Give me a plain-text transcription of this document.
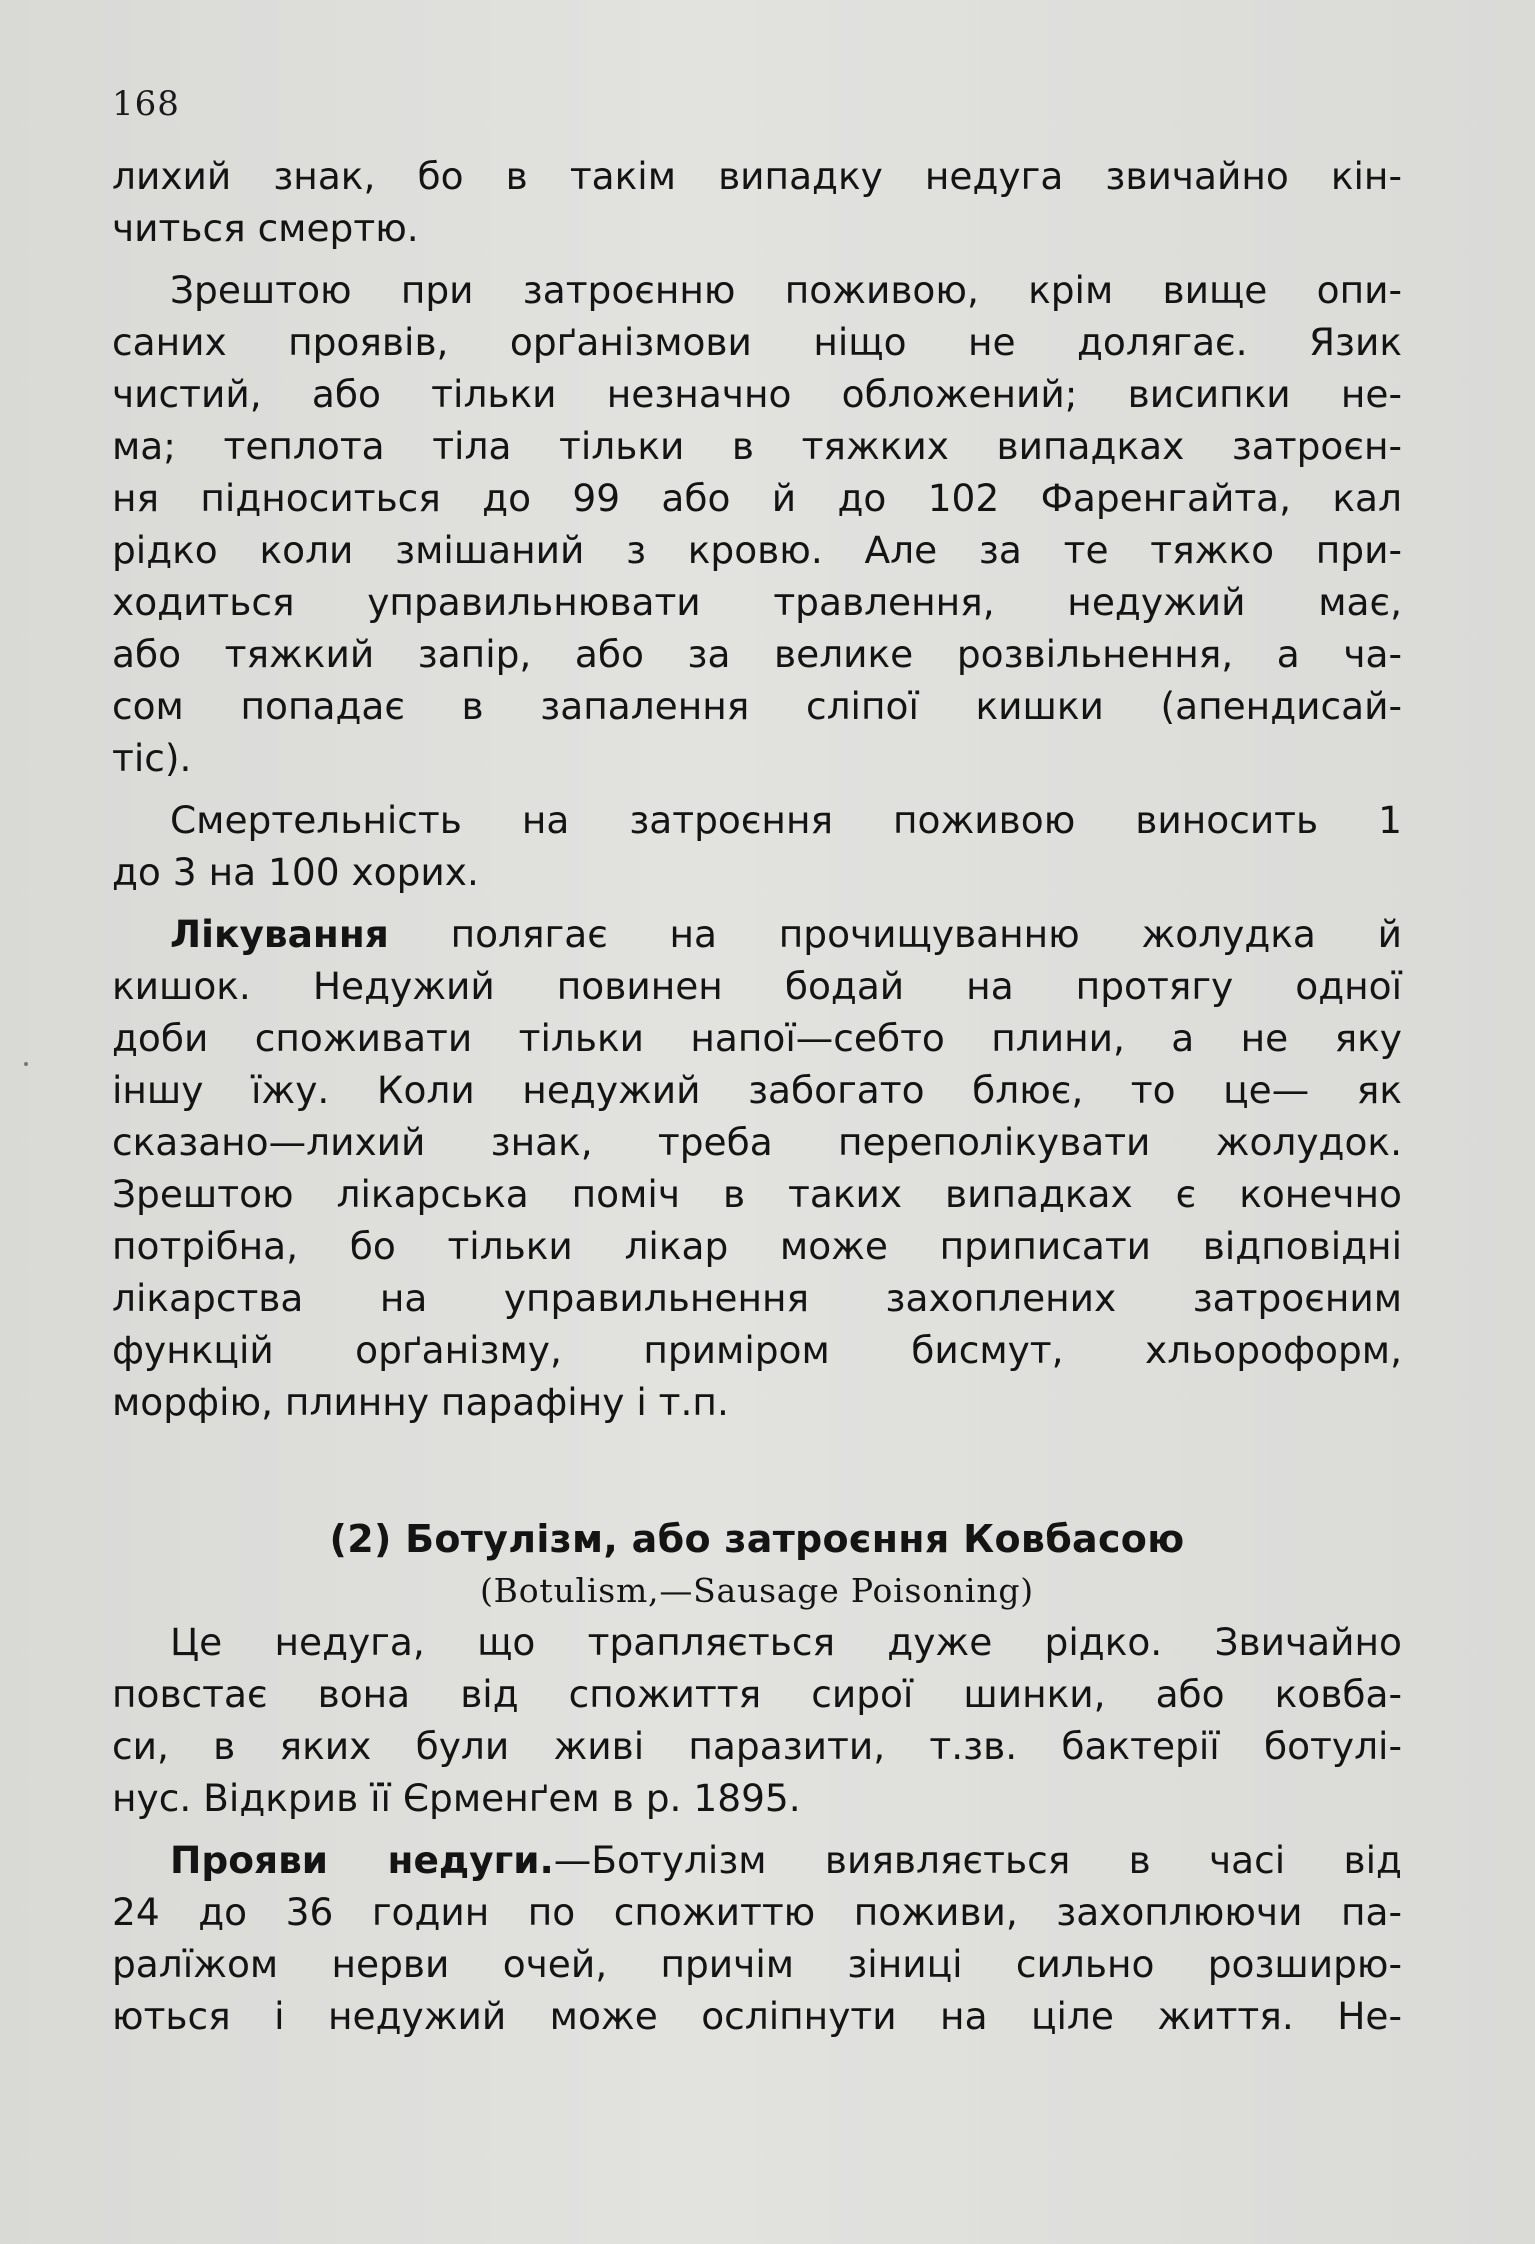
168

лихий знак, бо в такім випадку недуга звичайно кін-
читься смертю.

Зрештою при затроєнню поживою, крім вище опи-
саних проявів, орґанізмови ніщо не долягає. Язик
чистий, або тільки незначно обложений; висипки не-
ма; теплота тіла тільки в тяжких випадках затроєн-
ня підноситься до 99 або й до 102 Фаренгайта, кал
рідко коли змішаний з кровю. Але за те тяжко при-
ходиться управильнювати травлення, недужий має,
або тяжкий запір, або за велике розвільнення, а ча-
сом попадає в запалення сліпої кишки (апендисай-
тіс).

Смертельність на затроєння поживою виносить 1
до 3 на 100 хорих.

Лікування полягає на прочищуванню жолудка й
кишок. Недужий повинен бодай на протягу одної
доби споживати тільки напої—себто плини, а не яку
іншу їжу. Коли недужий забогато блює, то це— як
сказано—лихий знак, треба переполікувати жолудок.
Зрештою лікарська поміч в таких випадках є конечно
потрібна, бо тільки лікар може приписати відповідні
лікарства на управильнення захоплених затроєним
функцій орґанізму, приміром бисмут, хльороформ,
морфію, плинну парафіну і т.п.

(2) Ботулізм, або затроєння Ковбасою

(Botulism,—Sausage Poisoning)

Це недуга, що трапляється дуже рідко. Звичайно
повстає вона від спожиття сирої шинки, або ковба-
си, в яких були живі паразити, т.зв. бактерії ботулі-
нус. Відкрив її Єрменґем в р. 1895.

Прояви недуги.—Ботулізм виявляється в часі від
24 до 36 годин по спожиттю поживи, захоплюючи па-
ралїжом нерви очей, причім зіниці сильно розширю-
ються і недужий може осліпнути на ціле життя. Не-
